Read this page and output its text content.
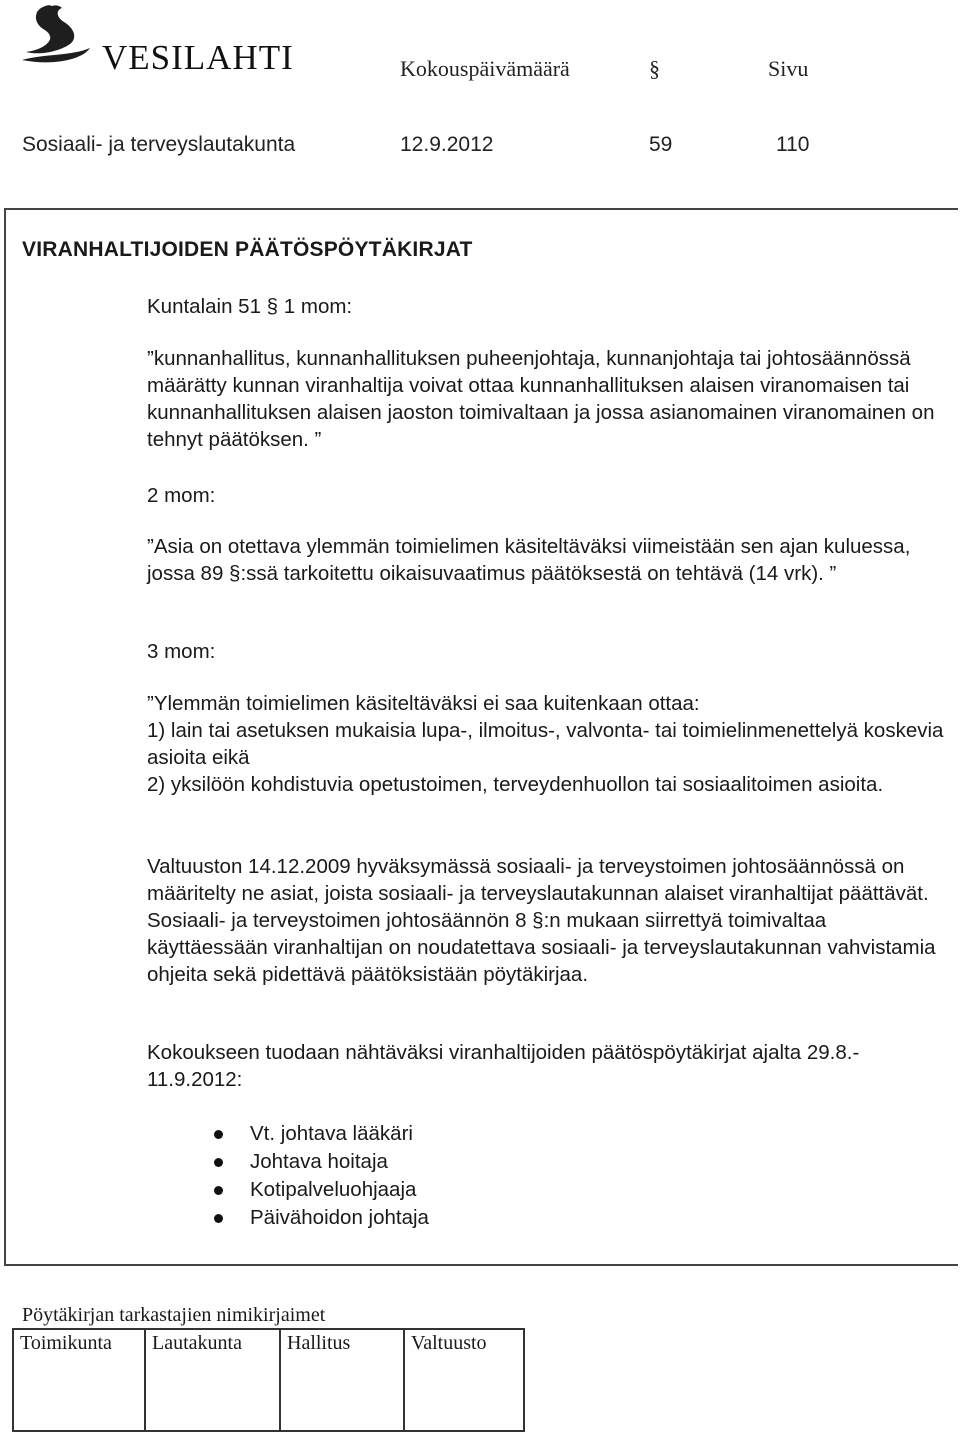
VESILAHTI	Kokouspäivämäärä	§	Sivu
Sosiaali- ja terveyslautakunta	12.9.2012	59	110
VIRANHALTIJOIDEN PÄÄTÖSPÖYTÄKIRJAT

Kuntalain 51 § 1 mom:

”kunnanhallitus, kunnanhallituksen puheenjohtaja, kunnanjohtaja tai johtosäännössä määrätty kunnan viranhaltija voivat ottaa kunnanhallituksen alaisen viranomaisen tai kunnanhallituksen alaisen jaoston toimivaltaan ja jossa asianomainen viranomainen on tehnyt päätöksen. ”

2 mom:

”Asia on otettava ylemmän toimielimen käsiteltäväksi viimeistään sen ajan kuluessa, jossa 89 §:ssä tarkoitettu oikaisuvaatimus päätöksestä on tehtävä (14 vrk). ”

3 mom:

”Ylemmän toimielimen käsiteltäväksi ei saa kuitenkaan ottaa:
1) lain tai asetuksen mukaisia lupa-, ilmoitus-, valvonta- tai toimielinmenettelyä koskevia asioita eikä
2) yksilöön kohdistuvia opetustoimen, terveydenhuollon tai sosiaalitoimen asioita.

Valtuuston 14.12.2009 hyväksymässä sosiaali- ja terveystoimen johtosäännössä on määritelty ne asiat, joista sosiaali- ja terveyslautakunnan alaiset viranhaltijat päättävät. Sosiaali- ja terveystoimen johtosäännön 8 §:n mukaan siirrettyä toimivaltaa käyttäessään viranhaltijan on noudatettava sosiaali- ja terveyslautakunnan vahvistamia ohjeita sekä pidettävä päätöksistään pöytäkirjaa.

Kokoukseen tuodaan nähtäväksi viranhaltijoiden päätöspöytäkirjat ajalta 29.8.- 11.9.2012:

Vt. johtava lääkäri
Johtava hoitaja
Kotipalveluohjaaja
Päivähoidon johtaja
Pöytäkirjan tarkastajien nimikirjaimet
Toimikunta	Lautakunta	Hallitus	Valtuusto
